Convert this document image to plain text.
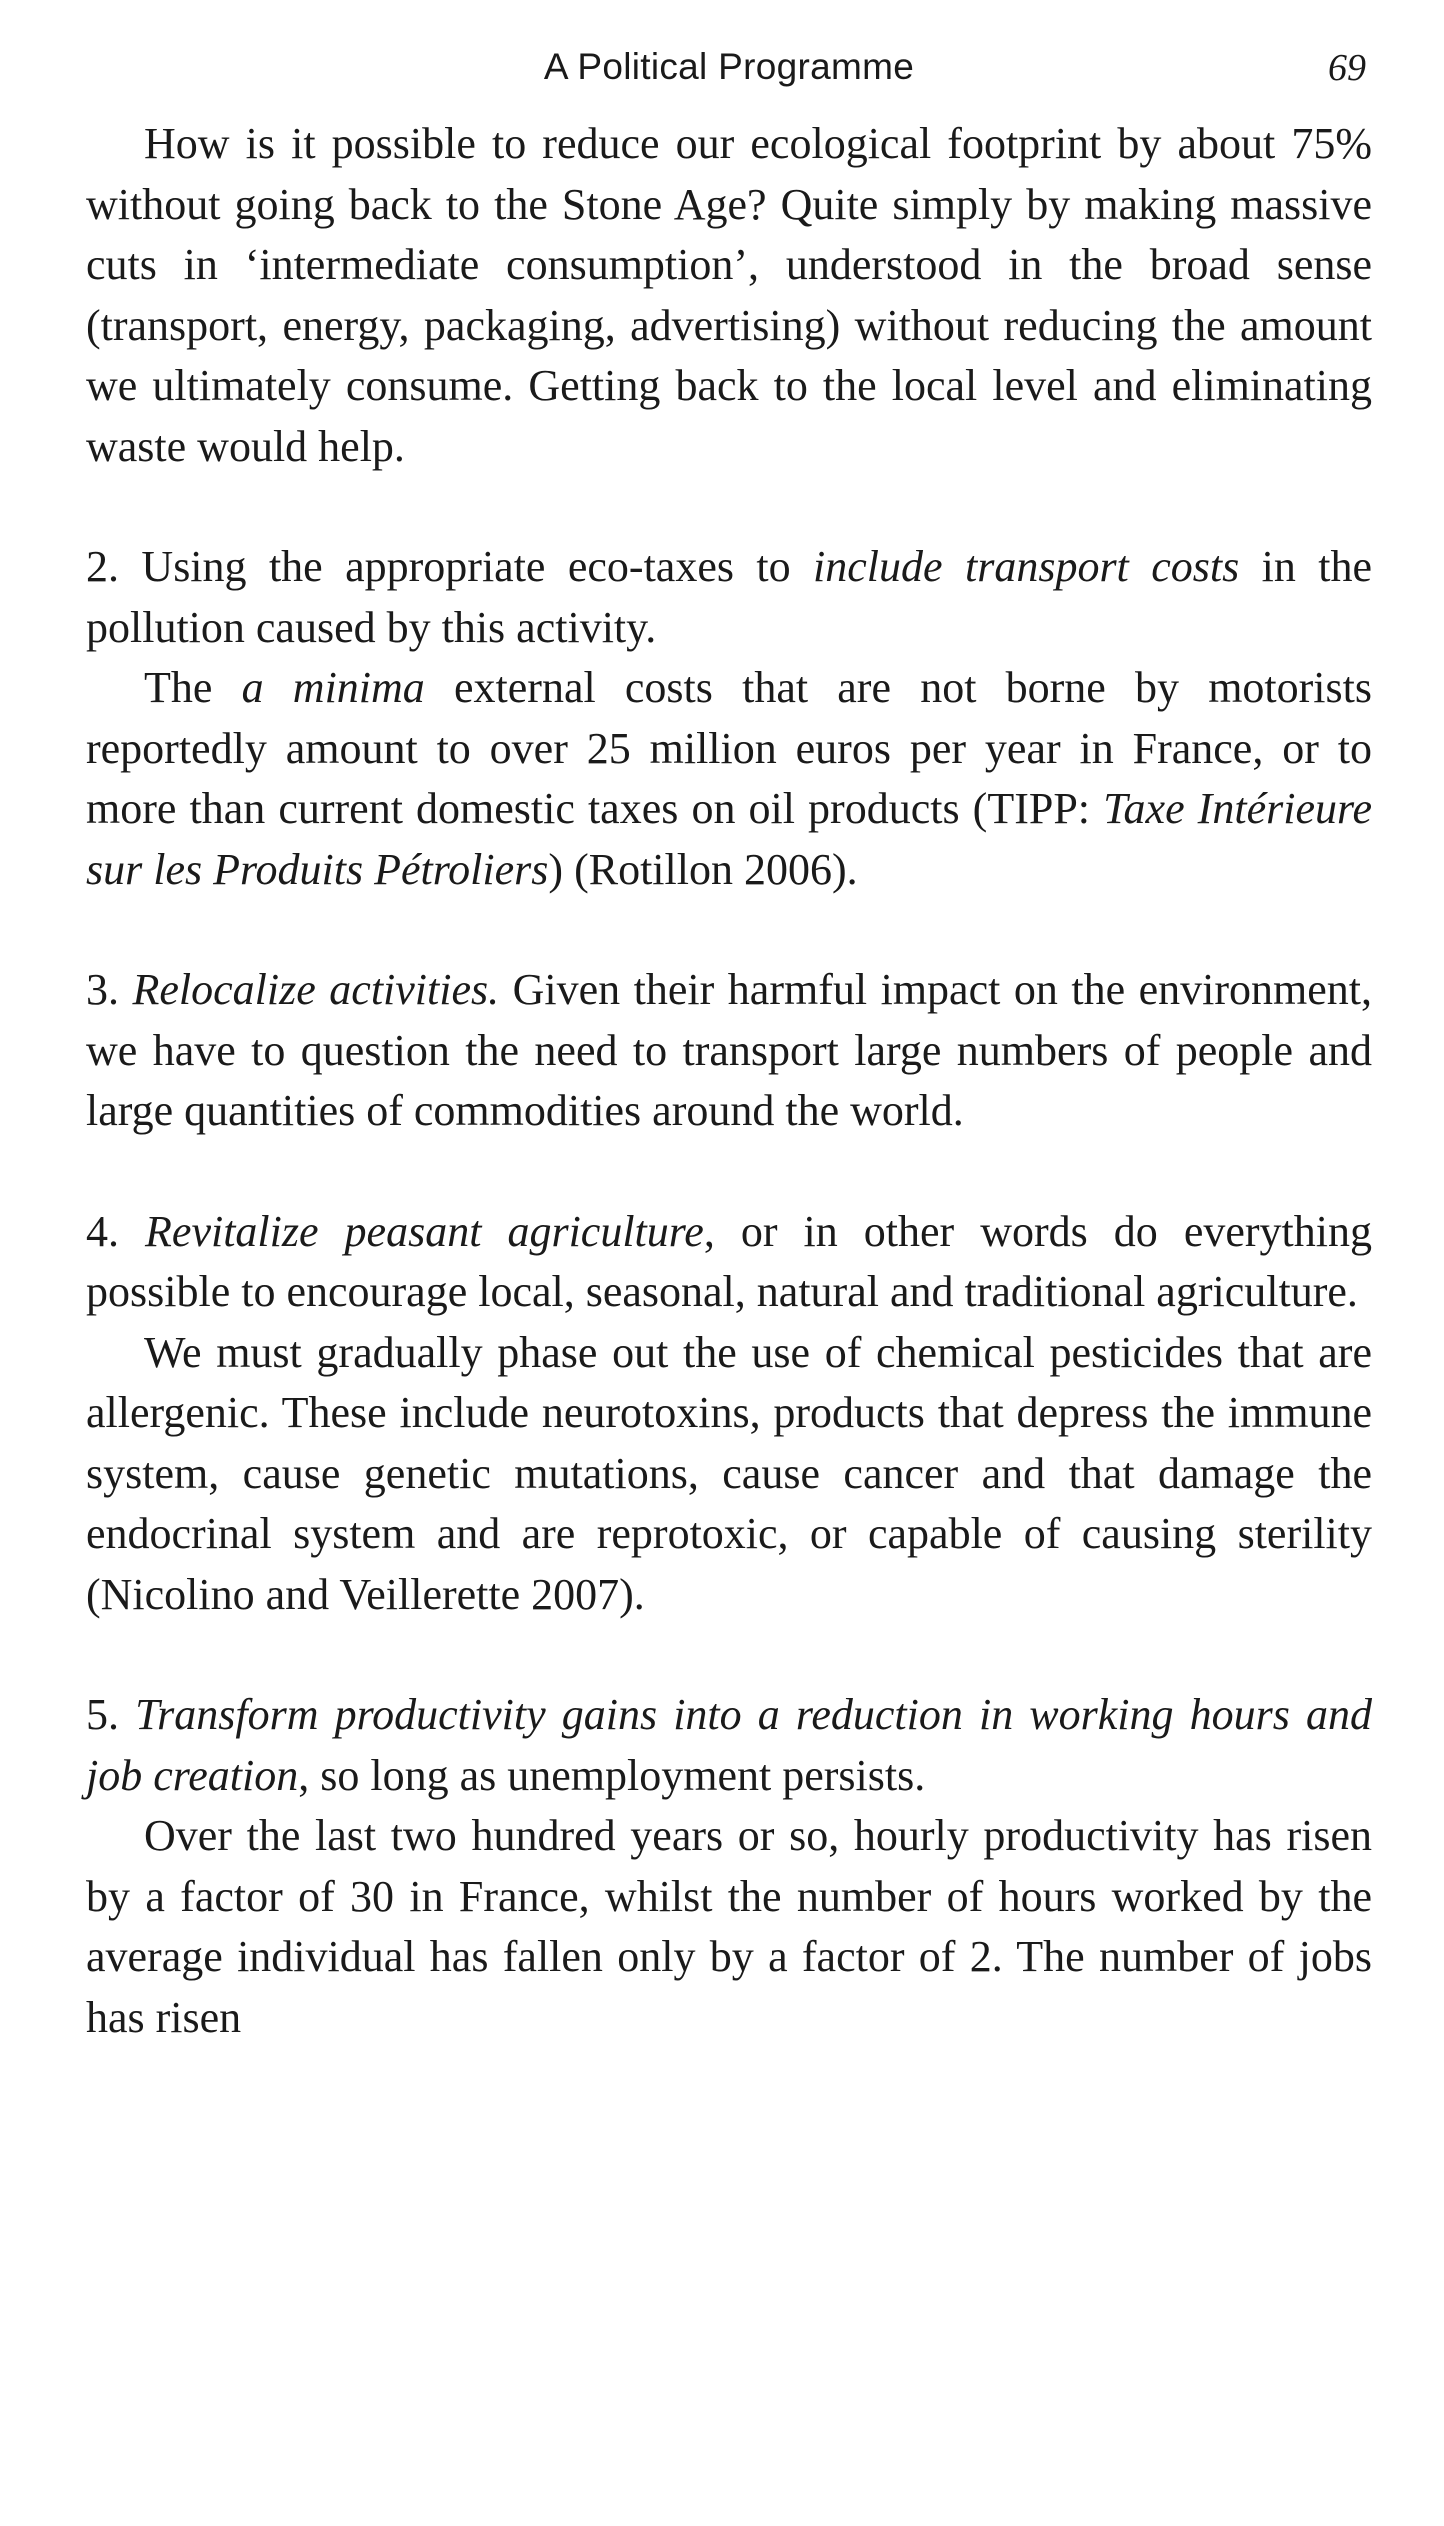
A Political Programme	69

How is it possible to reduce our ecological footprint by about 75% without going back to the Stone Age? Quite simply by making massive cuts in ‘intermediate consumption’, understood in the broad sense (transport, energy, packaging, advertising) without reducing the amount we ultimately consume. Getting back to the local level and eliminating waste would help.

2. Using the appropriate eco-taxes to include transport costs in the pollution caused by this activity.

The a minima external costs that are not borne by motorists reportedly amount to over 25 million euros per year in France, or to more than current domestic taxes on oil products (TIPP: Taxe Intérieure sur les Produits Pétroliers) (Rotillon 2006).

3. Relocalize activities. Given their harmful impact on the environment, we have to question the need to transport large numbers of people and large quantities of commodities around the world.

4. Revitalize peasant agriculture, or in other words do everything possible to encourage local, seasonal, natural and traditional agriculture.

We must gradually phase out the use of chemical pesticides that are allergenic. These include neurotoxins, products that depress the immune system, cause genetic mutations, cause cancer and that damage the endocrinal system and are reprotoxic, or capable of causing sterility (Nicolino and Veillerette 2007).

5. Transform productivity gains into a reduction in working hours and job creation, so long as unemployment persists.

Over the last two hundred years or so, hourly productivity has risen by a factor of 30 in France, whilst the number of hours worked by the average individual has fallen only by a factor of 2. The number of jobs has risen
